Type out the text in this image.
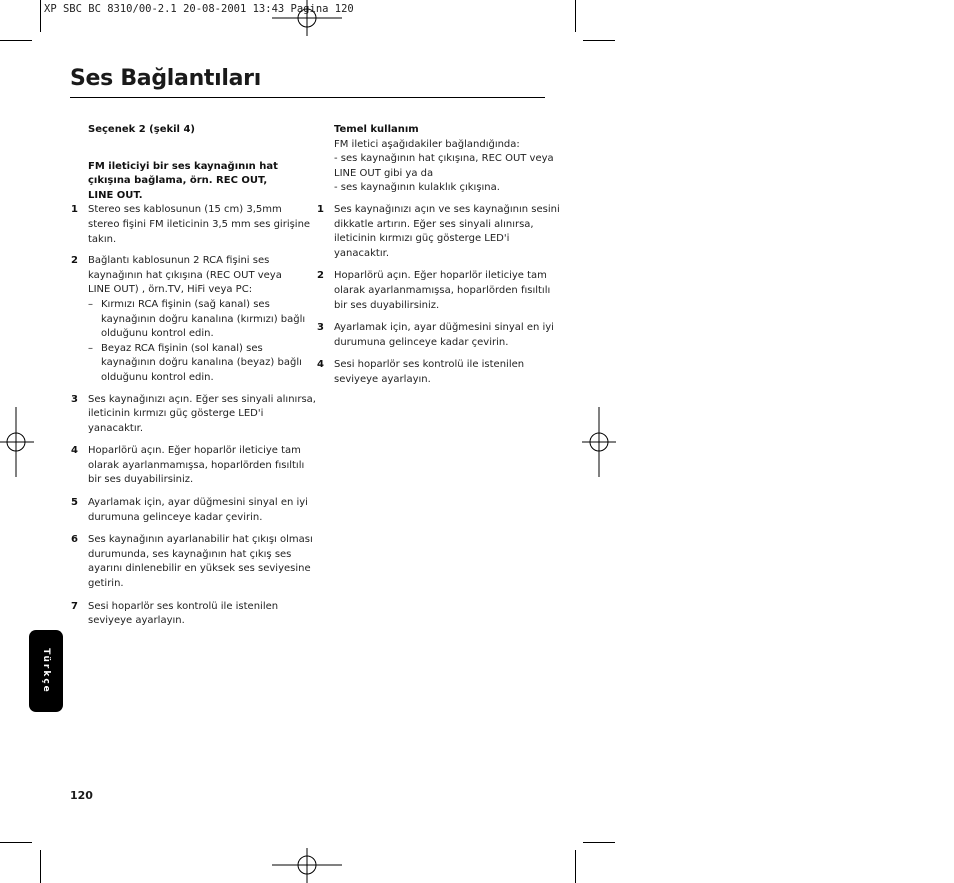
XP SBC BC 8310/00-2.1 20-08-2001 13:43 Pagina 120
Ses Bağlantıları
Seçenek 2 (şekil 4)
FM ileticiyi bir ses kaynağının hat
çıkışına bağlama, örn. REC OUT,
LINE OUT.
1 Stereo ses kablosunun (15 cm) 3,5mm
stereo fişini FM ileticinin 3,5 mm ses girişine
takın.
2 Bağlantı kablosunun 2 RCA fişini ses
kaynağının hat çıkışına (REC OUT veya
LINE OUT) , örn.TV, HiFi veya PC:
– Kırmızı RCA fişinin (sağ kanal) ses
kaynağının doğru kanalına (kırmızı) bağlı
olduğunu kontrol edin.
– Beyaz RCA fişinin (sol kanal) ses
kaynağının doğru kanalına (beyaz) bağlı
olduğunu kontrol edin.
3 Ses kaynağınızı açın. Eğer ses sinyali alınırsa,
ileticinin kırmızı güç gösterge LED'i
yanacaktır.
4 Hoparlörü açın. Eğer hoparlör ileticiye tam
olarak ayarlanmamışsa, hoparlörden fısıltılı
bir ses duyabilirsiniz.
5 Ayarlamak için, ayar düğmesini sinyal en iyi
durumuna gelinceye kadar çevirin.
6 Ses kaynağının ayarlanabilir hat çıkışı olması
durumunda, ses kaynağının hat çıkış ses
ayarını dinlenebilir en yüksek ses seviyesine
getirin.
7 Sesi hoparlör ses kontrolü ile istenilen
seviyeye ayarlayın.
Temel kullanım
FM iletici aşağıdakiler bağlandığında:
- ses kaynağının hat çıkışına, REC OUT veya
LINE OUT gibi ya da
- ses kaynağının kulaklık çıkışına.
1 Ses kaynağınızı açın ve ses kaynağının sesini
dikkatle artırın. Eğer ses sinyali alınırsa,
ileticinin kırmızı güç gösterge LED'i
yanacaktır.
2 Hoparlörü açın. Eğer hoparlör ileticiye tam
olarak ayarlanmamışsa, hoparlörden fısıltılı
bir ses duyabilirsiniz.
3 Ayarlamak için, ayar düğmesini sinyal en iyi
durumuna gelinceye kadar çevirin.
4 Sesi hoparlör ses kontrolü ile istenilen
seviyeye ayarlayın.
Türkçe
120
